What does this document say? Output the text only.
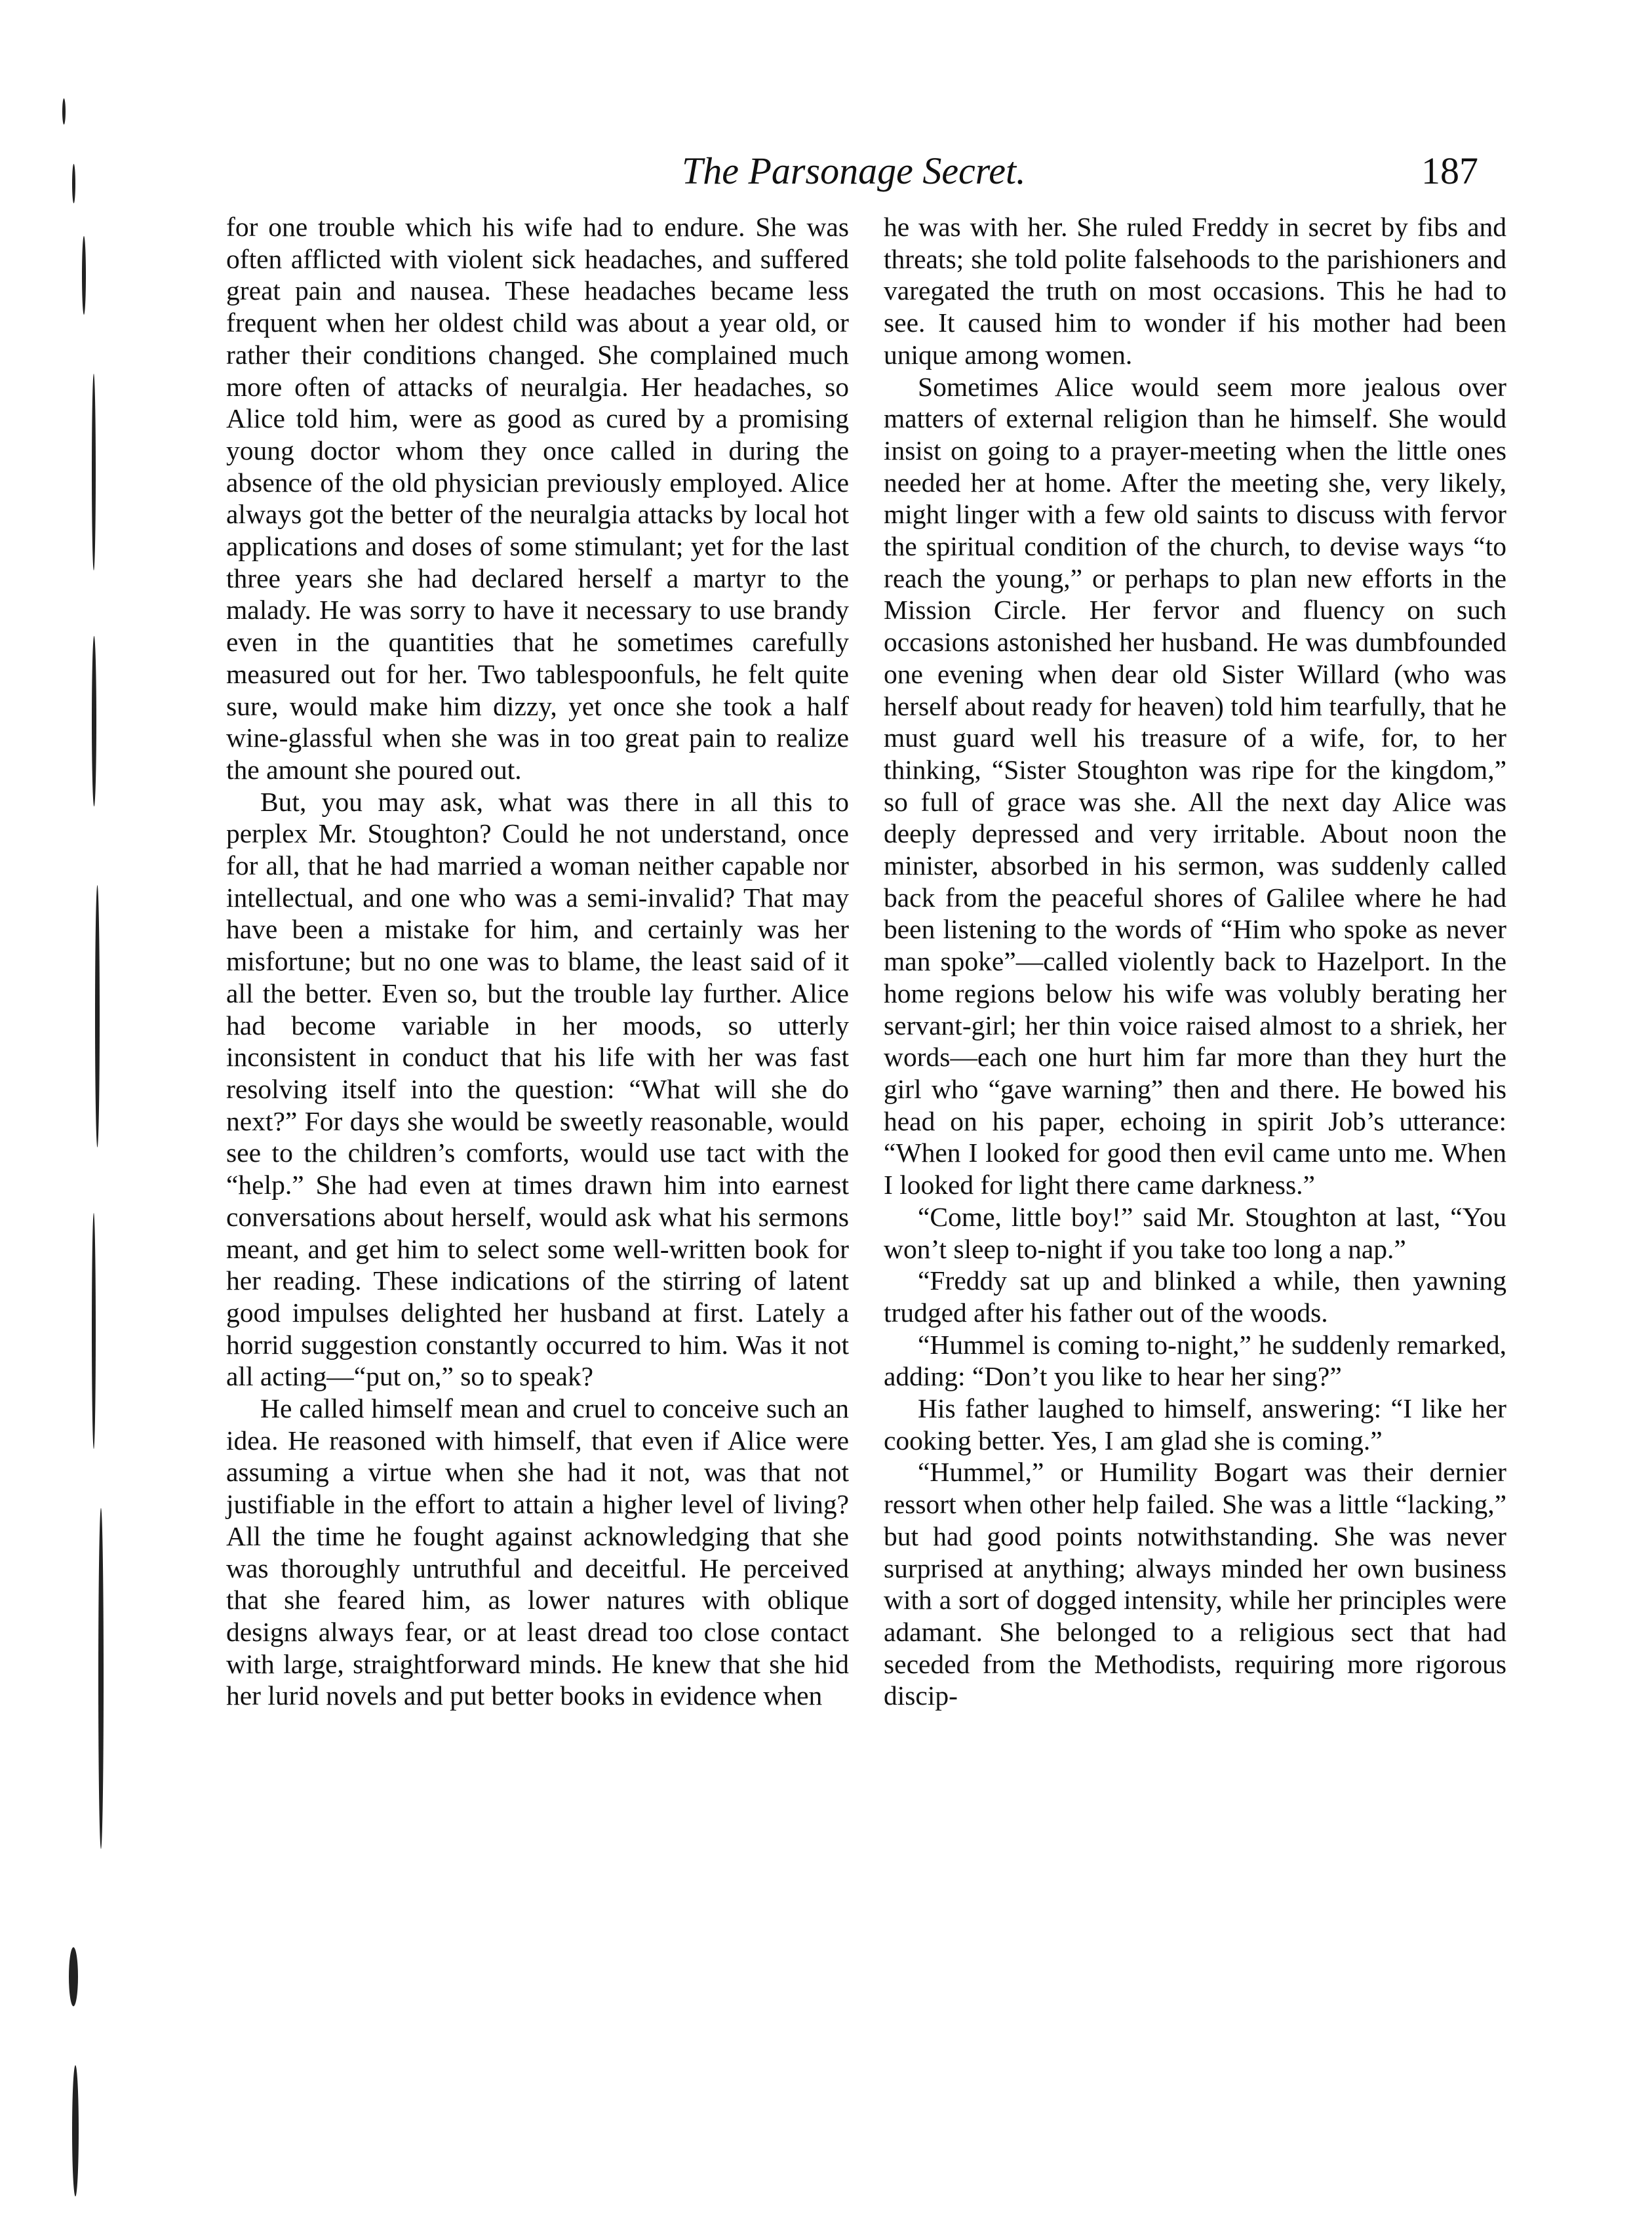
The Parsonage Secret.	187

for one trouble which his wife had to endure. She was often afflicted with violent sick headaches, and suffered great pain and nausea. These headaches became less frequent when her oldest child was about a year old, or rather their conditions changed. She complained much more often of attacks of neuralgia. Her headaches, so Alice told him, were as good as cured by a promising young doctor whom they once called in during the absence of the old physician previously employed. Alice always got the better of the neuralgia attacks by local hot applications and doses of some stimulant; yet for the last three years she had declared herself a martyr to the malady. He was sorry to have it necessary to use brandy even in the quantities that he sometimes carefully measured out for her. Two tablespoonfuls, he felt quite sure, would make him dizzy, yet once she took a half wine-glassful when she was in too great pain to realize the amount she poured out.

But, you may ask, what was there in all this to perplex Mr. Stoughton? Could he not understand, once for all, that he had married a woman neither capable nor intellectual, and one who was a semi-invalid? That may have been a mistake for him, and certainly was her misfortune; but no one was to blame, the least said of it all the better. Even so, but the trouble lay further. Alice had become variable in her moods, so utterly inconsistent in conduct that his life with her was fast resolving itself into the question: “What will she do next?” For days she would be sweetly reasonable, would see to the children’s comforts, would use tact with the “help.” She had even at times drawn him into earnest conversations about herself, would ask what his sermons meant, and get him to select some well-written book for her reading. These indications of the stirring of latent good impulses delighted her husband at first. Lately a horrid suggestion constantly occurred to him. Was it not all acting—“put on,” so to speak?

He called himself mean and cruel to conceive such an idea. He reasoned with himself, that even if Alice were assuming a virtue when she had it not, was that not justifiable in the effort to attain a higher level of living? All the time he fought against acknowledging that she was thoroughly untruthful and deceitful. He perceived that she feared him, as lower natures with oblique designs always fear, or at least dread too close contact with large, straightforward minds. He knew that she hid her lurid novels and put better books in evidence when

he was with her. She ruled Freddy in secret by fibs and threats; she told polite falsehoods to the parishioners and varegated the truth on most occasions. This he had to see. It caused him to wonder if his mother had been unique among women.

Sometimes Alice would seem more jealous over matters of external religion than he himself. She would insist on going to a prayer-meeting when the little ones needed her at home. After the meeting she, very likely, might linger with a few old saints to discuss with fervor the spiritual condition of the church, to devise ways “to reach the young,” or perhaps to plan new efforts in the Mission Circle. Her fervor and fluency on such occasions astonished her husband. He was dumbfounded one evening when dear old Sister Willard (who was herself about ready for heaven) told him tearfully, that he must guard well his treasure of a wife, for, to her thinking, “Sister Stoughton was ripe for the kingdom,” so full of grace was she. All the next day Alice was deeply depressed and very irritable. About noon the minister, absorbed in his sermon, was suddenly called back from the peaceful shores of Galilee where he had been listening to the words of “Him who spoke as never man spoke”—called violently back to Hazelport. In the home regions below his wife was volubly berating her servant-girl; her thin voice raised almost to a shriek, her words—each one hurt him far more than they hurt the girl who “gave warning” then and there. He bowed his head on his paper, echoing in spirit Job’s utterance: “When I looked for good then evil came unto me. When I looked for light there came darkness.”

“Come, little boy!” said Mr. Stoughton at last, “You won’t sleep to-night if you take too long a nap.”

“Freddy sat up and blinked a while, then yawning trudged after his father out of the woods.

“Hummel is coming to-night,” he suddenly remarked, adding: “Don’t you like to hear her sing?”

His father laughed to himself, answering: “I like her cooking better. Yes, I am glad she is coming.”

“Hummel,” or Humility Bogart was their dernier ressort when other help failed. She was a little “lacking,” but had good points notwithstanding. She was never surprised at anything; always minded her own business with a sort of dogged intensity, while her principles were adamant. She belonged to a religious sect that had seceded from the Methodists, requiring more rigorous discip-
